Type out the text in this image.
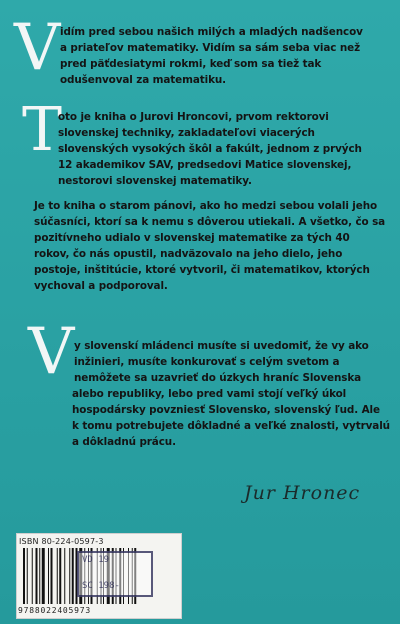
V idím pred sebou našich milých a mladých nadšencov
a priateľov matematiky. Vidím sa sám seba viac než
pred päťdesiatymi rokmi, keď som sa tiež tak
odušenvoval za matematiku.
T
oto je kniha o Jurovi Hroncovi, prvom rektorovi
slovenskej techniky, zakladateľovi viacerých
slovenských vysokých škôl a fakúlt, jednom z prvých
12 akademikov SAV, predsedovi Matice slovenskej,
nestorovi slovenskej matematiky.
Je to kniha o starom pánovi, ako ho medzi sebou volali jeho
súčasníci, ktorí sa k nemu s dôverou utiekali. A všetko, čo sa
pozitívneho udialo v slovenskej matematike za tých 40
rokov, čo nás opustil, nadväzovalo na jeho dielo, jeho
postoje, inštitúcie, ktoré vytvoril, či matematikov, ktorých
vychoval a podporoval.
V y slovenskí mládenci musíte si uvedomiť, že vy ako
inžinieri, musíte konkurovať s celým svetom a
nemôžete sa uzavrieť do úzkych hraníc Slovenska
alebo republiky, lebo pred vami stojí veľký úkol
hospodársky povzniesť Slovensko, slovenský ľud. Ale
k tomu potrebujete dôkladné a veľké znalosti, vytrvalú
a dôkladnú prácu.
Jur Hronec
ISBN 80-224-0597-3
VD 19
SC 198-
9788022405973
